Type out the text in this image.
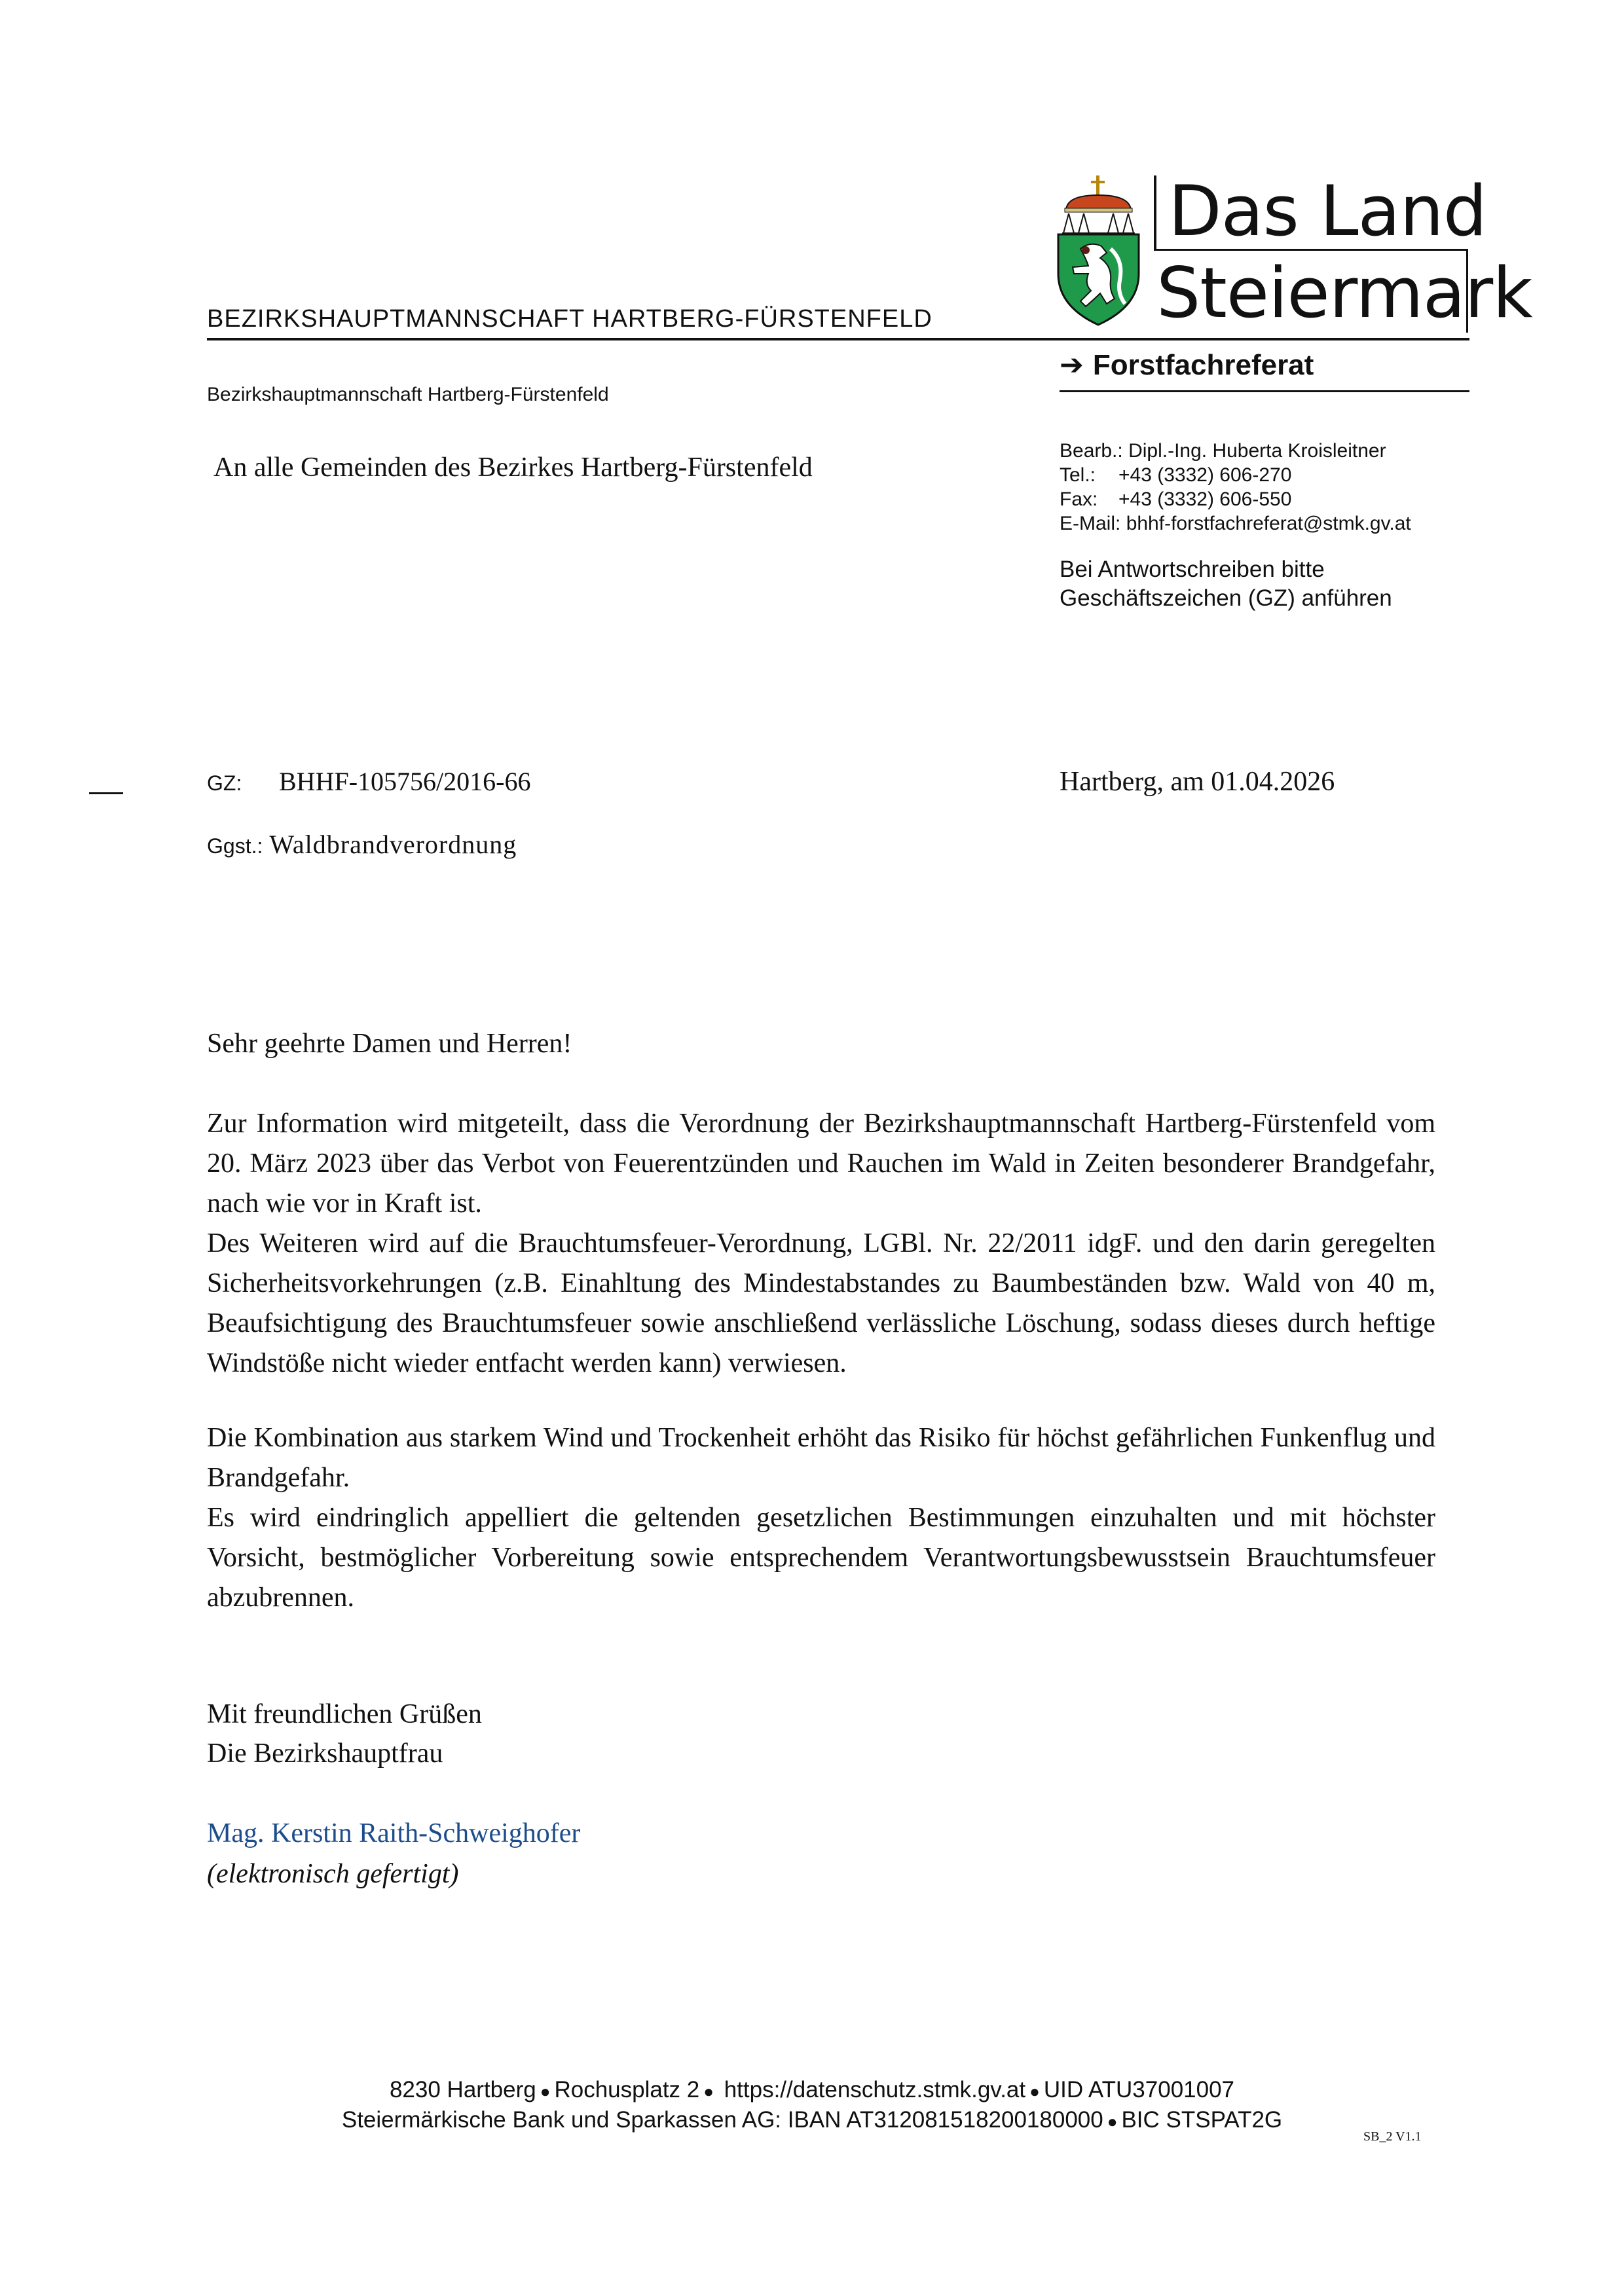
BEZIRKSHAUPTMANNSCHAFT HARTBERG-FÜRSTENFELD
Das Land
Steiermark
➔ Forstfachreferat
Bezirkshauptmannschaft Hartberg-Fürstenfeld
An alle Gemeinden des Bezirkes Hartberg-Fürstenfeld
Bearb.: Dipl.-Ing. Huberta Kroisleitner
Tel.: +43 (3332) 606-270
Fax: +43 (3332) 606-550
E-Mail: bhhf-forstfachreferat@stmk.gv.at
Bei Antwortschreiben bitte
Geschäftszeichen (GZ) anführen
GZ: BHHF-105756/2016-66
Ggst.: Waldbrandverordnung
Hartberg, am 01.04.2026
Sehr geehrte Damen und Herren!
Zur Information wird mitgeteilt, dass die Verordnung der Bezirkshauptmannschaft Hartberg-Fürstenfeld vom 20. März 2023 über das Verbot von Feuerentzünden und Rauchen im Wald in Zeiten besonderer Brandgefahr, nach wie vor in Kraft ist.
Des Weiteren wird auf die Brauchtumsfeuer-Verordnung, LGBl. Nr. 22/2011 idgF. und den darin geregelten Sicherheitsvorkehrungen (z.B. Einahltung des Mindestabstandes zu Baumbeständen bzw. Wald von 40 m, Beaufsichtigung des Brauchtumsfeuer sowie anschließend verlässliche Löschung, sodass dieses durch heftige Windstöße nicht wieder entfacht werden kann) verwiesen.
Die Kombination aus starkem Wind und Trockenheit erhöht das Risiko für höchst gefährlichen Funkenflug und Brandgefahr.
Es wird eindringlich appelliert die geltenden gesetzlichen Bestimmungen einzuhalten und mit höchster Vorsicht, bestmöglicher Vorbereitung sowie entsprechendem Verantwortungsbewusstsein Brauchtumsfeuer abzubrennen.
Mit freundlichen Grüßen
Die Bezirkshauptfrau
Mag. Kerstin Raith-Schweighofer
(elektronisch gefertigt)
8230 Hartberg ● Rochusplatz 2 ● https://datenschutz.stmk.gv.at ● UID ATU37001007
Steiermärkische Bank und Sparkassen AG: IBAN AT312081518200180000 ● BIC STSPAT2G
SB_2 V1.1
